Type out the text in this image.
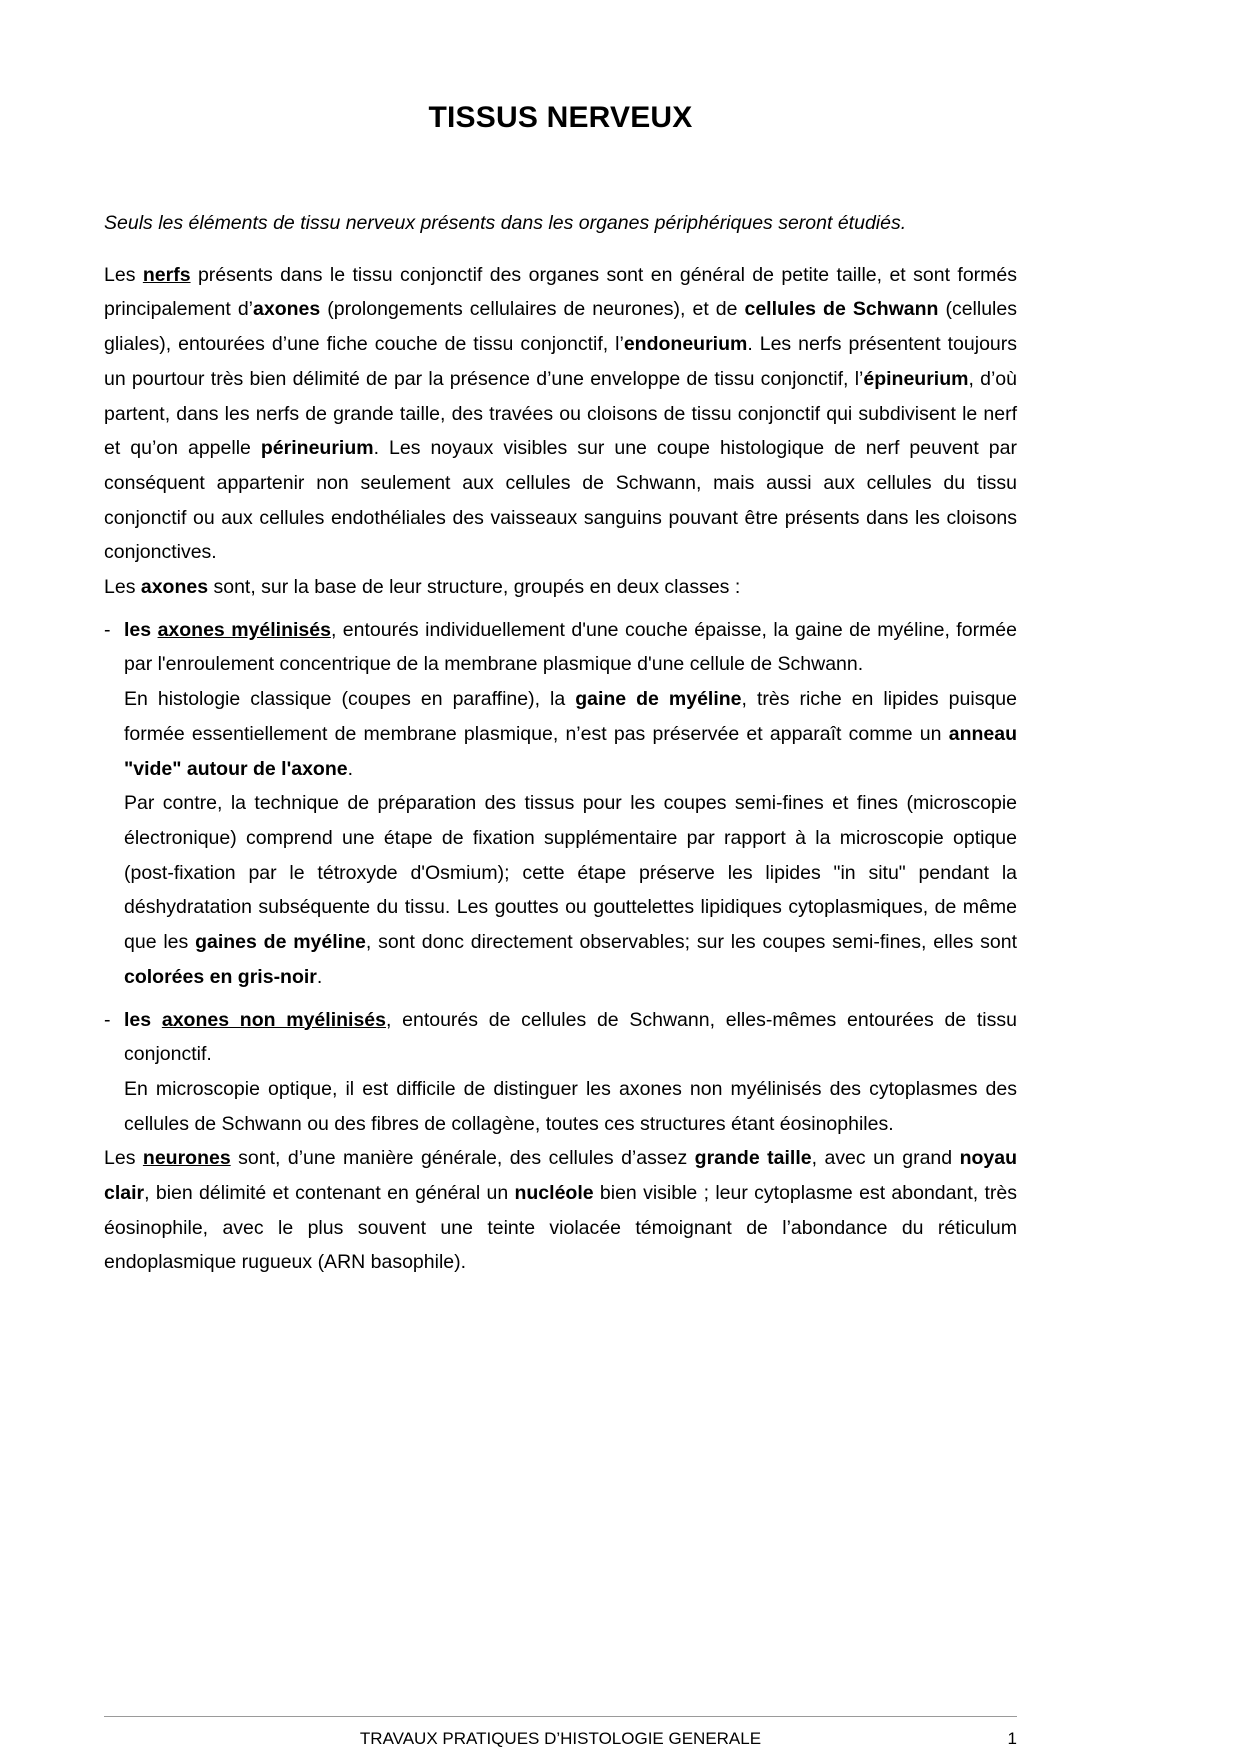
TISSUS NERVEUX

Seuls les éléments de tissu nerveux présents dans les organes périphériques seront étudiés.

Les nerfs présents dans le tissu conjonctif des organes sont en général de petite taille, et sont formés principalement d’axones (prolongements cellulaires de neurones), et de cellules de Schwann (cellules gliales), entourées d’une fiche couche de tissu conjonctif, l’endoneurium. Les nerfs présentent toujours un pourtour très bien délimité de par la présence d’une enveloppe de tissu conjonctif, l’épineurium, d’où partent, dans les nerfs de grande taille, des travées ou cloisons de tissu conjonctif qui subdivisent le nerf et qu’on appelle périneurium. Les noyaux visibles sur une coupe histologique de nerf peuvent par conséquent appartenir non seulement aux cellules de Schwann, mais aussi aux cellules du tissu conjonctif ou aux cellules endothéliales des vaisseaux sanguins pouvant être présents dans les cloisons conjonctives.

Les axones sont, sur la base de leur structure, groupés en deux classes :

- les axones myélinisés, entourés individuellement d'une couche épaisse, la gaine de myéline, formée par l'enroulement concentrique de la membrane plasmique d'une cellule de Schwann.

En histologie classique (coupes en paraffine), la gaine de myéline, très riche en lipides puisque formée essentiellement de membrane plasmique, n’est pas préservée et apparaît comme un anneau "vide" autour de l'axone.

Par contre, la technique de préparation des tissus pour les coupes semi-fines et fines (microscopie électronique) comprend une étape de fixation supplémentaire par rapport à la microscopie optique (post-fixation par le tétroxyde d'Osmium); cette étape préserve les lipides "in situ" pendant la déshydratation subséquente du tissu. Les gouttes ou gouttelettes lipidiques cytoplasmiques, de même que les gaines de myéline, sont donc directement observables; sur les coupes semi-fines, elles sont colorées en gris-noir.

- les axones non myélinisés, entourés de cellules de Schwann, elles-mêmes entourées de tissu conjonctif.

En microscopie optique, il est difficile de distinguer les axones non myélinisés des cytoplasmes des cellules de Schwann ou des fibres de collagène, toutes ces structures étant éosinophiles.

Les neurones sont, d’une manière générale, des cellules d’assez grande taille, avec un grand noyau clair, bien délimité et contenant en général un nucléole bien visible ; leur cytoplasme est abondant, très éosinophile, avec le plus souvent une teinte violacée témoignant de l’abondance du réticulum endoplasmique rugueux (ARN basophile).

TRAVAUX PRATIQUES D’HISTOLOGIE GENERALE	1
